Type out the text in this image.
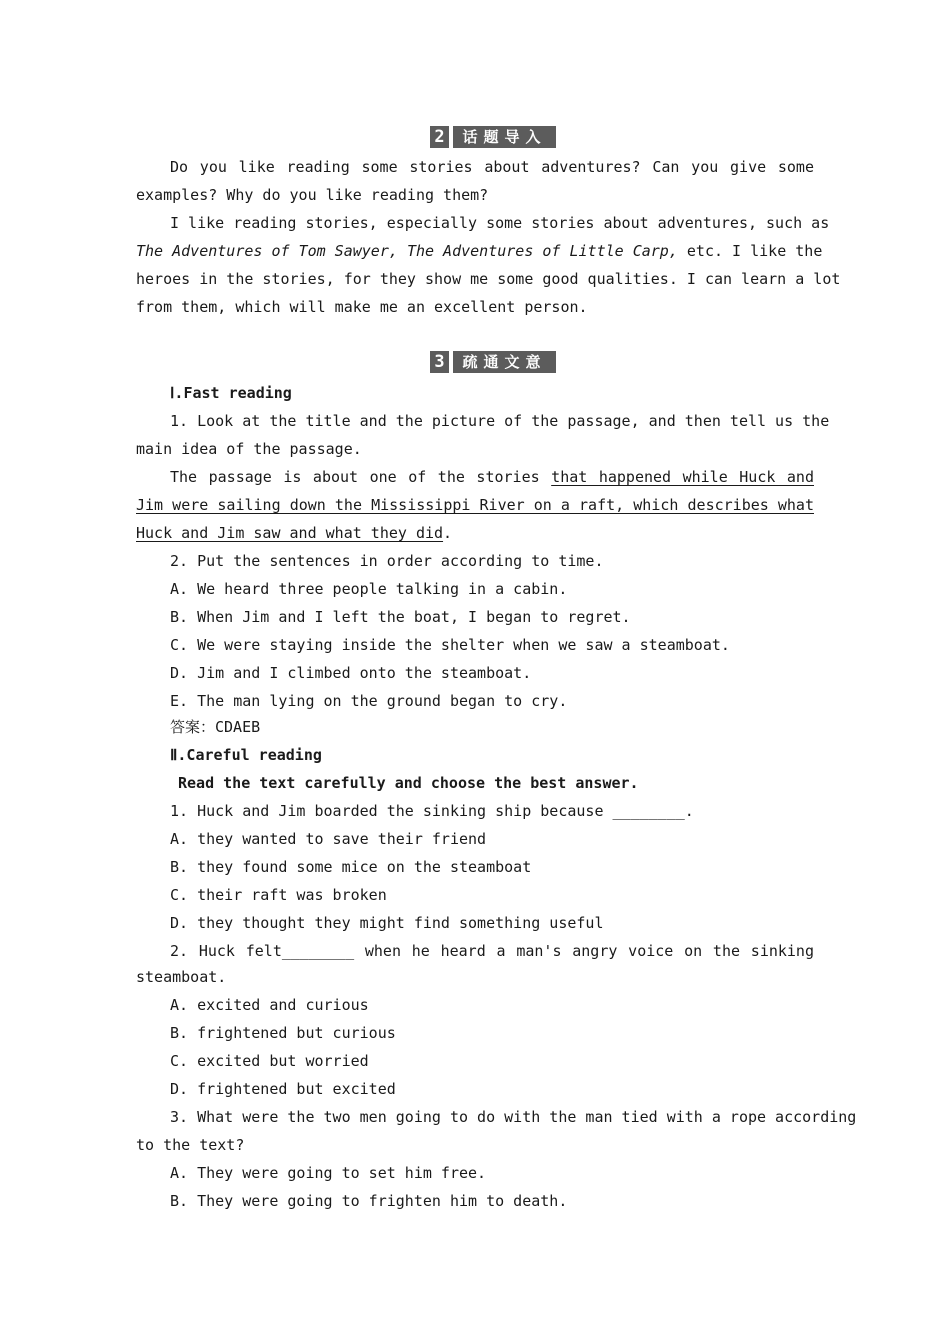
2	话题导入
Do you like reading some stories about adventures? Can you give some
examples? Why do you like reading them?
I like reading stories, especially some stories about adventures, such as
The Adventures of Tom Sawyer, The Adventures of Little Carp, etc. I like the
heroes in the stories, for they show me some good qualities. I can learn a lot
from them, which will make me an excellent person.
Ⅰ.Fast reading
1. Look at the title and the picture of the passage, and then tell us the
main idea of the passage.
The passage is about one of the stories that happened while Huck and
Jim were sailing down the Mississippi River on a raft, which describes what
Huck and Jim saw and what they did.
2. Put the sentences in order according to time.
A. We heard three people talking in a cabin.
B. When Jim and I left the boat, I began to regret.
C. We were staying inside the shelter when we saw a steamboat.
D. Jim and I climbed onto the steamboat.
E. The man lying on the ground began to cry.
答案：CDAEB
Ⅱ.Careful reading
Read the text carefully and choose the best answer.
1. Huck and Jim boarded the sinking ship because ________.
A. they wanted to save their friend
B. they found some mice on the steamboat
C. their raft was broken
D. they thought they might find something useful
2. Huck felt________ when he heard a man's angry voice on the sinking
steamboat.
A. excited and curious
B. frightened but curious
C. excited but worried
D. frightened but excited
3. What were the two men going to do with the man tied with a rope according
to the text?
A. They were going to set him free.
B. They were going to frighten him to death.
3	疏通文意
